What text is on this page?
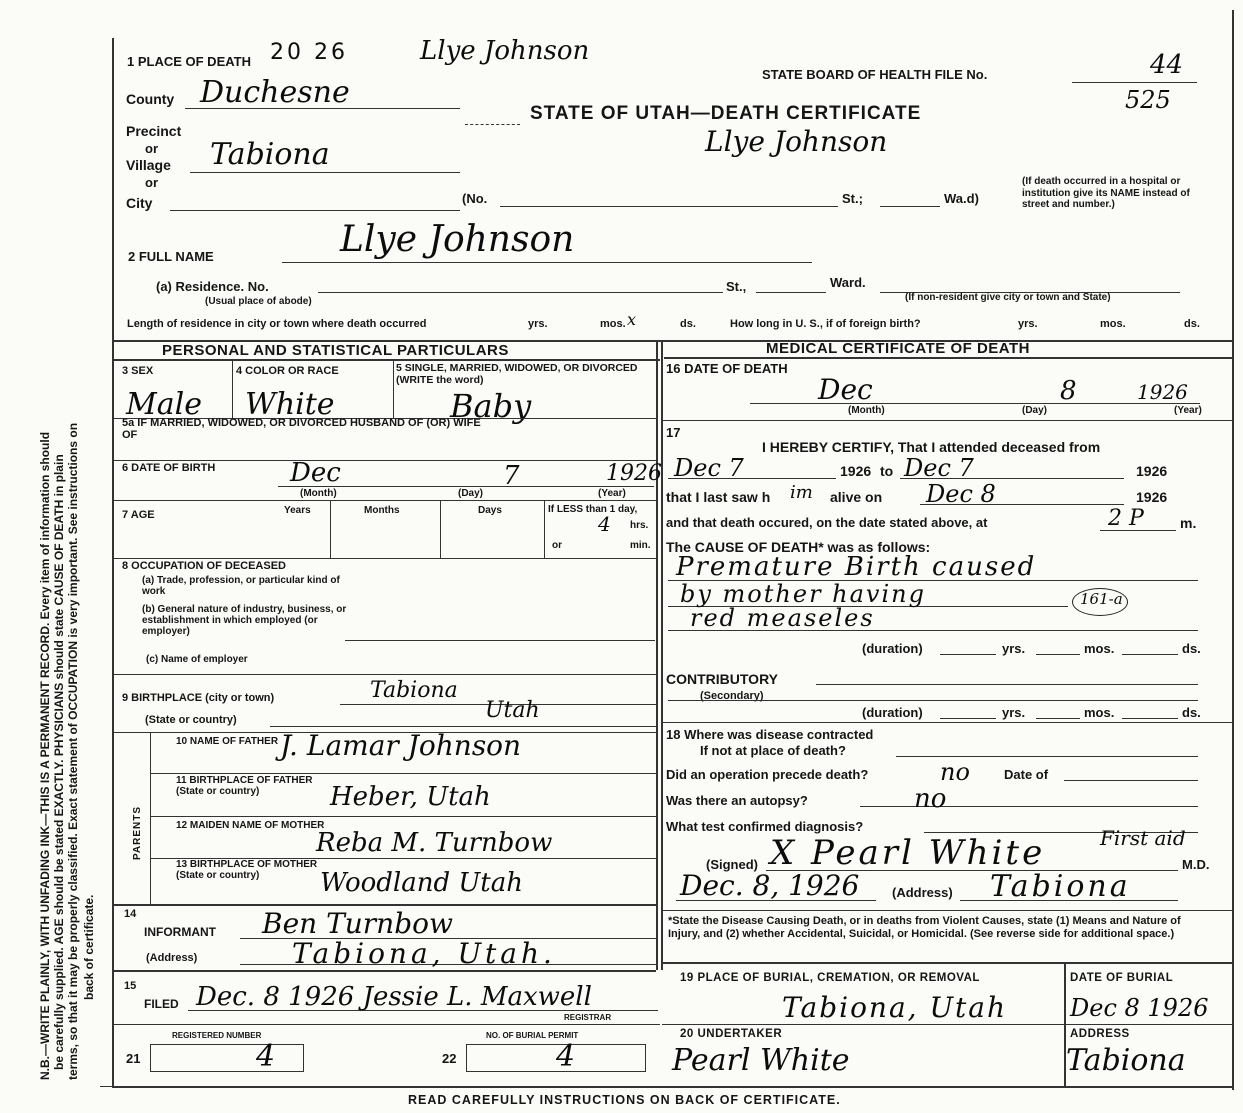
N.B.—WRITE PLAINLY, WITH UNFADING INK—THIS IS A PERMANENT RECORD. Every item of information should be carefully supplied. AGE should be stated EXACTLY. PHYSICIANS should state CAUSE OF DEATH in plain terms, so that it may be properly classified. Exact statement of OCCUPATION is very important. See instructions on back of certificate.
1 PLACE OF DEATH 20 26	Llye Johnson
STATE BOARD OF HEALTH FILE No.	44
525
County Duchesne
STATE OF UTAH—DEATH CERTIFICATE
Llye Johnson
Precinct
or
Village Tabiona
or
City	(No.	St.;	Wa.d)
(If death occurred in a hospital or institution give its NAME instead of street and number.)
2 FULL NAME	Llye Johnson
(a) Residence. No.
(Usual place of abode)
St.,	Ward.
(If non-resident give city or town and State)
Length of residence in city or town where death occurred	yrs.	mos. x	ds.	How long in U. S., if of foreign birth?	yrs.	mos.	ds.
PERSONAL AND STATISTICAL PARTICULARS	MEDICAL CERTIFICATE OF DEATH
3 SEX	4 COLOR OR RACE	5 SINGLE, MARRIED, WIDOWED, OR DIVORCED (WRITE the word)
Male White	Baby
5a IF MARRIED, WIDOWED, OR DIVORCED HUSBAND OF (OR) WIFE OF
6 DATE OF BIRTH	Dec	7	1926
(Month)	(Day)	(Year)
7 AGE	Years	Months	Days	If LESS than 1 day,
4 hrs.
or	min.
8 OCCUPATION OF DECEASED
(a) Trade, profession, or particular kind of work
(b) General nature of industry, business, or establishment in which employed (or employer)
(c) Name of employer
9 BIRTHPLACE (city or town)	Tabiona
(State or country)	Utah
PARENTS
10 NAME OF FATHER J. Lamar Johnson
11 BIRTHPLACE OF FATHER (State or country)	Heber, Utah
12 MAIDEN NAME OF MOTHER
Reba M. Turnbow
13 BIRTHPLACE OF MOTHER (State or country)	Woodland Utah
14
INFORMANT Ben Turnbow
(Address)	Tabiona, Utah.
15
FILED Dec. 8 1926 Jessie L. Maxwell
REGISTRAR
REGISTERED NUMBER	NO. OF BURIAL PERMIT
21	22
4	4
16 DATE OF DEATH
Dec	8	1926
(Month)	(Day)	(Year)
17
I HEREBY CERTIFY, That I attended deceased from
Dec 7	1926 to Dec 7	1926
that I last saw h im alive on Dec 8	1926
and that death occured, on the date stated above, at	2 P	m.
The CAUSE OF DEATH* was as follows:
Premature Birth caused
by mother having	161-a
red measeles
(duration)	yrs.	mos.	ds.
CONTRIBUTORY
(Secondary)
(duration)	yrs.	mos.	ds.
18 Where was disease contracted
If not at place of death?
Did an operation precede death?	no	Date of
Was there an autopsy?	no
What test confirmed diagnosis?
(Signed) X Pearl White	First aid
M.D.
Dec. 8, 1926	(Address) Tabiona
*State the Disease Causing Death, or in deaths from Violent Causes, state (1) Means and Nature of Injury, and (2) whether Accidental, Suicidal, or Homicidal. (See reverse side for additional space.)
19 PLACE OF BURIAL, CREMATION, OR REMOVAL
Tabiona, Utah
DATE OF BURIAL
Dec 8 1926
20 UNDERTAKER
Pearl White
ADDRESS
Tabiona
READ CAREFULLY INSTRUCTIONS ON BACK OF CERTIFICATE.
